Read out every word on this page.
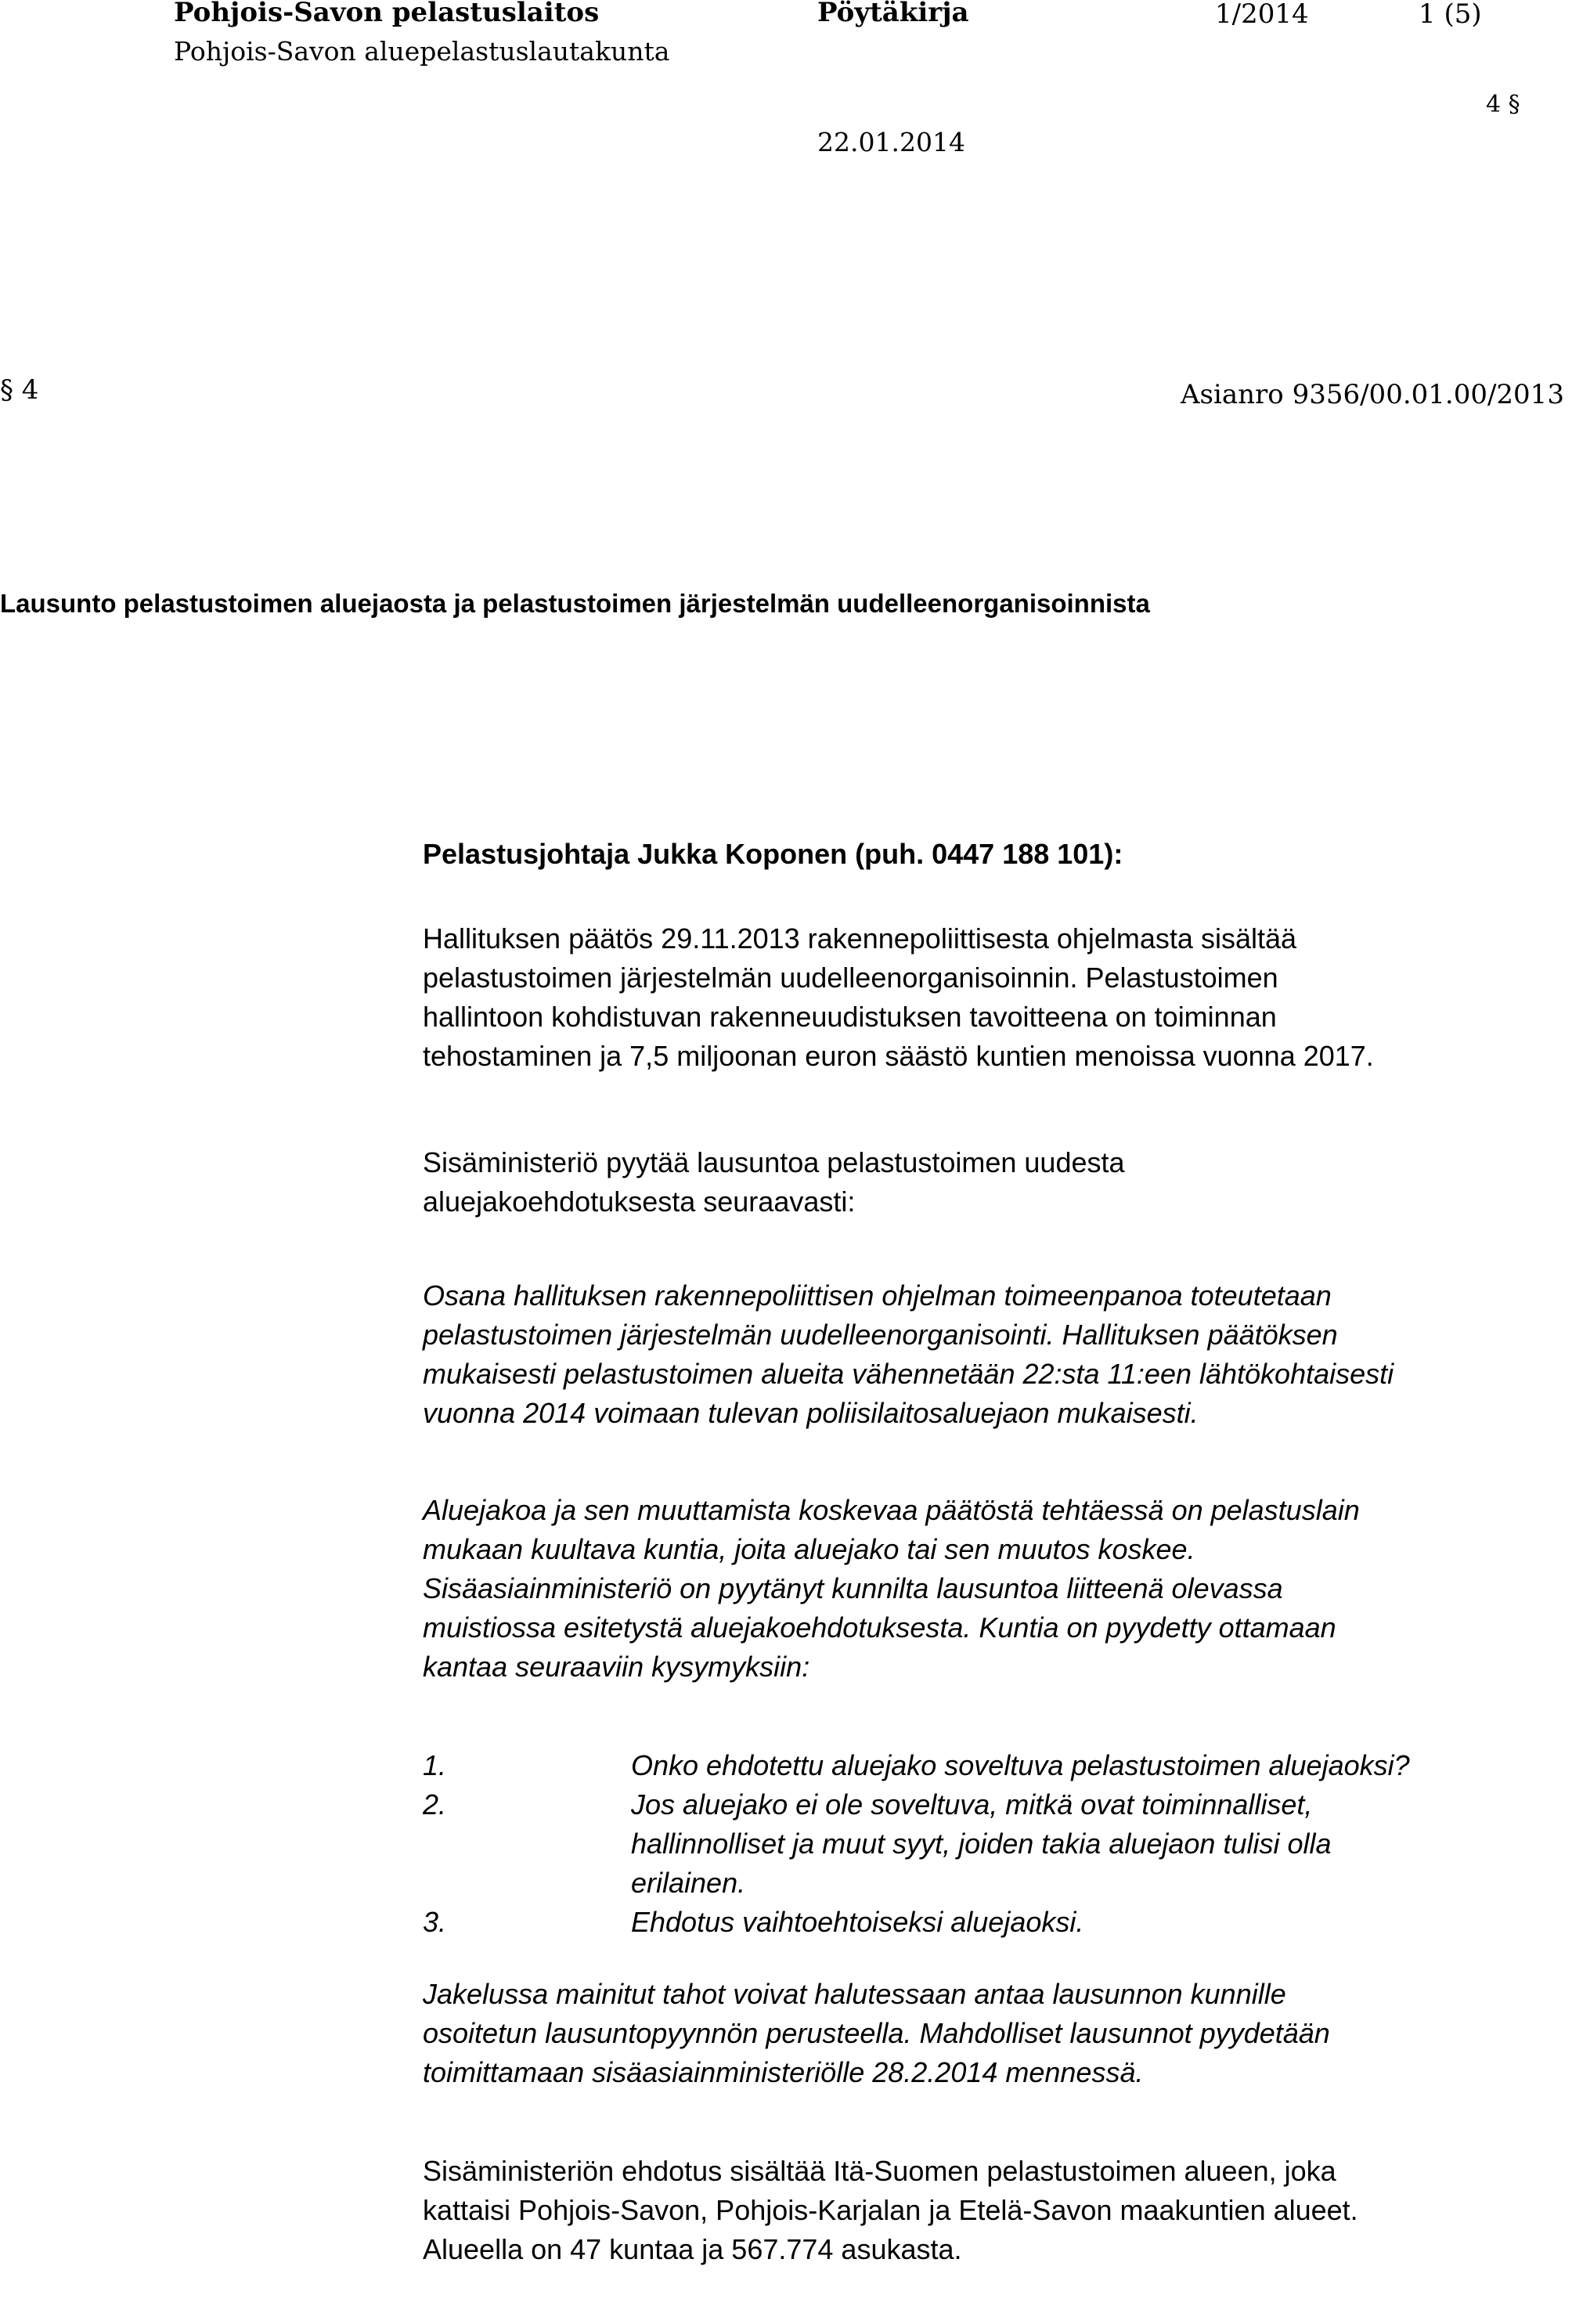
Pohjois-Savon pelastuslaitos
Pohjois-Savon aluepelastuslautakunta
Pöytäkirja	1/2014	1 (5)
4 §
22.01.2014
§ 4	Asianro 9356/00.01.00/2013
Lausunto pelastustoimen aluejaosta ja pelastustoimen järjestelmän uudelleenorganisoinnista

Pelastusjohtaja Jukka Koponen (puh. 0447 188 101):

Hallituksen päätös 29.11.2013 rakennepoliittisesta ohjelmasta sisältää

pelastustoimen järjestelmän uudelleenorganisoinnin. Pelastustoimen

hallintoon kohdistuvan rakenneuudistuksen tavoitteena on toiminnan

tehostaminen ja 7,5 miljoonan euron säästö kuntien menoissa vuonna 2017.

Sisäministeriö pyytää lausuntoa pelastustoimen uudesta

aluejakoehdotuksesta seuraavasti:

Osana hallituksen rakennepoliittisen ohjelman toimeenpanoa toteutetaan

pelastustoimen järjestelmän uudelleenorganisointi. Hallituksen päätöksen

mukaisesti pelastustoimen alueita vähennetään 22:sta 11:een lähtökohtaisesti

vuonna 2014 voimaan tulevan poliisilaitosaluejaon mukaisesti.

Aluejakoa ja sen muuttamista koskevaa päätöstä tehtäessä on pelastuslain

mukaan kuultava kuntia, joita aluejako tai sen muutos koskee.

Sisäasiainministeriö on pyytänyt kunnilta lausuntoa liitteenä olevassa

muistiossa esitetystä aluejakoehdotuksesta. Kuntia on pyydetty ottamaan

kantaa seuraaviin kysymyksiin:

1.	Onko ehdotettu aluejako soveltuva pelastustoimen aluejaoksi?
2.	Jos aluejako ei ole soveltuva, mitkä ovat toiminnalliset,
hallinnolliset ja muut syyt, joiden takia aluejaon tulisi olla
erilainen.
3.	Ehdotus vaihtoehtoiseksi aluejaoksi.

Jakelussa mainitut tahot voivat halutessaan antaa lausunnon kunnille

osoitetun lausuntopyynnön perusteella. Mahdolliset lausunnot pyydetään

toimittamaan sisäasiainministeriölle 28.2.2014 mennessä.

Sisäministeriön ehdotus sisältää Itä-Suomen pelastustoimen alueen, joka

kattaisi Pohjois-Savon, Pohjois-Karjalan ja Etelä-Savon maakuntien alueet.

Alueella on 47 kuntaa ja 567.774 asukasta.
